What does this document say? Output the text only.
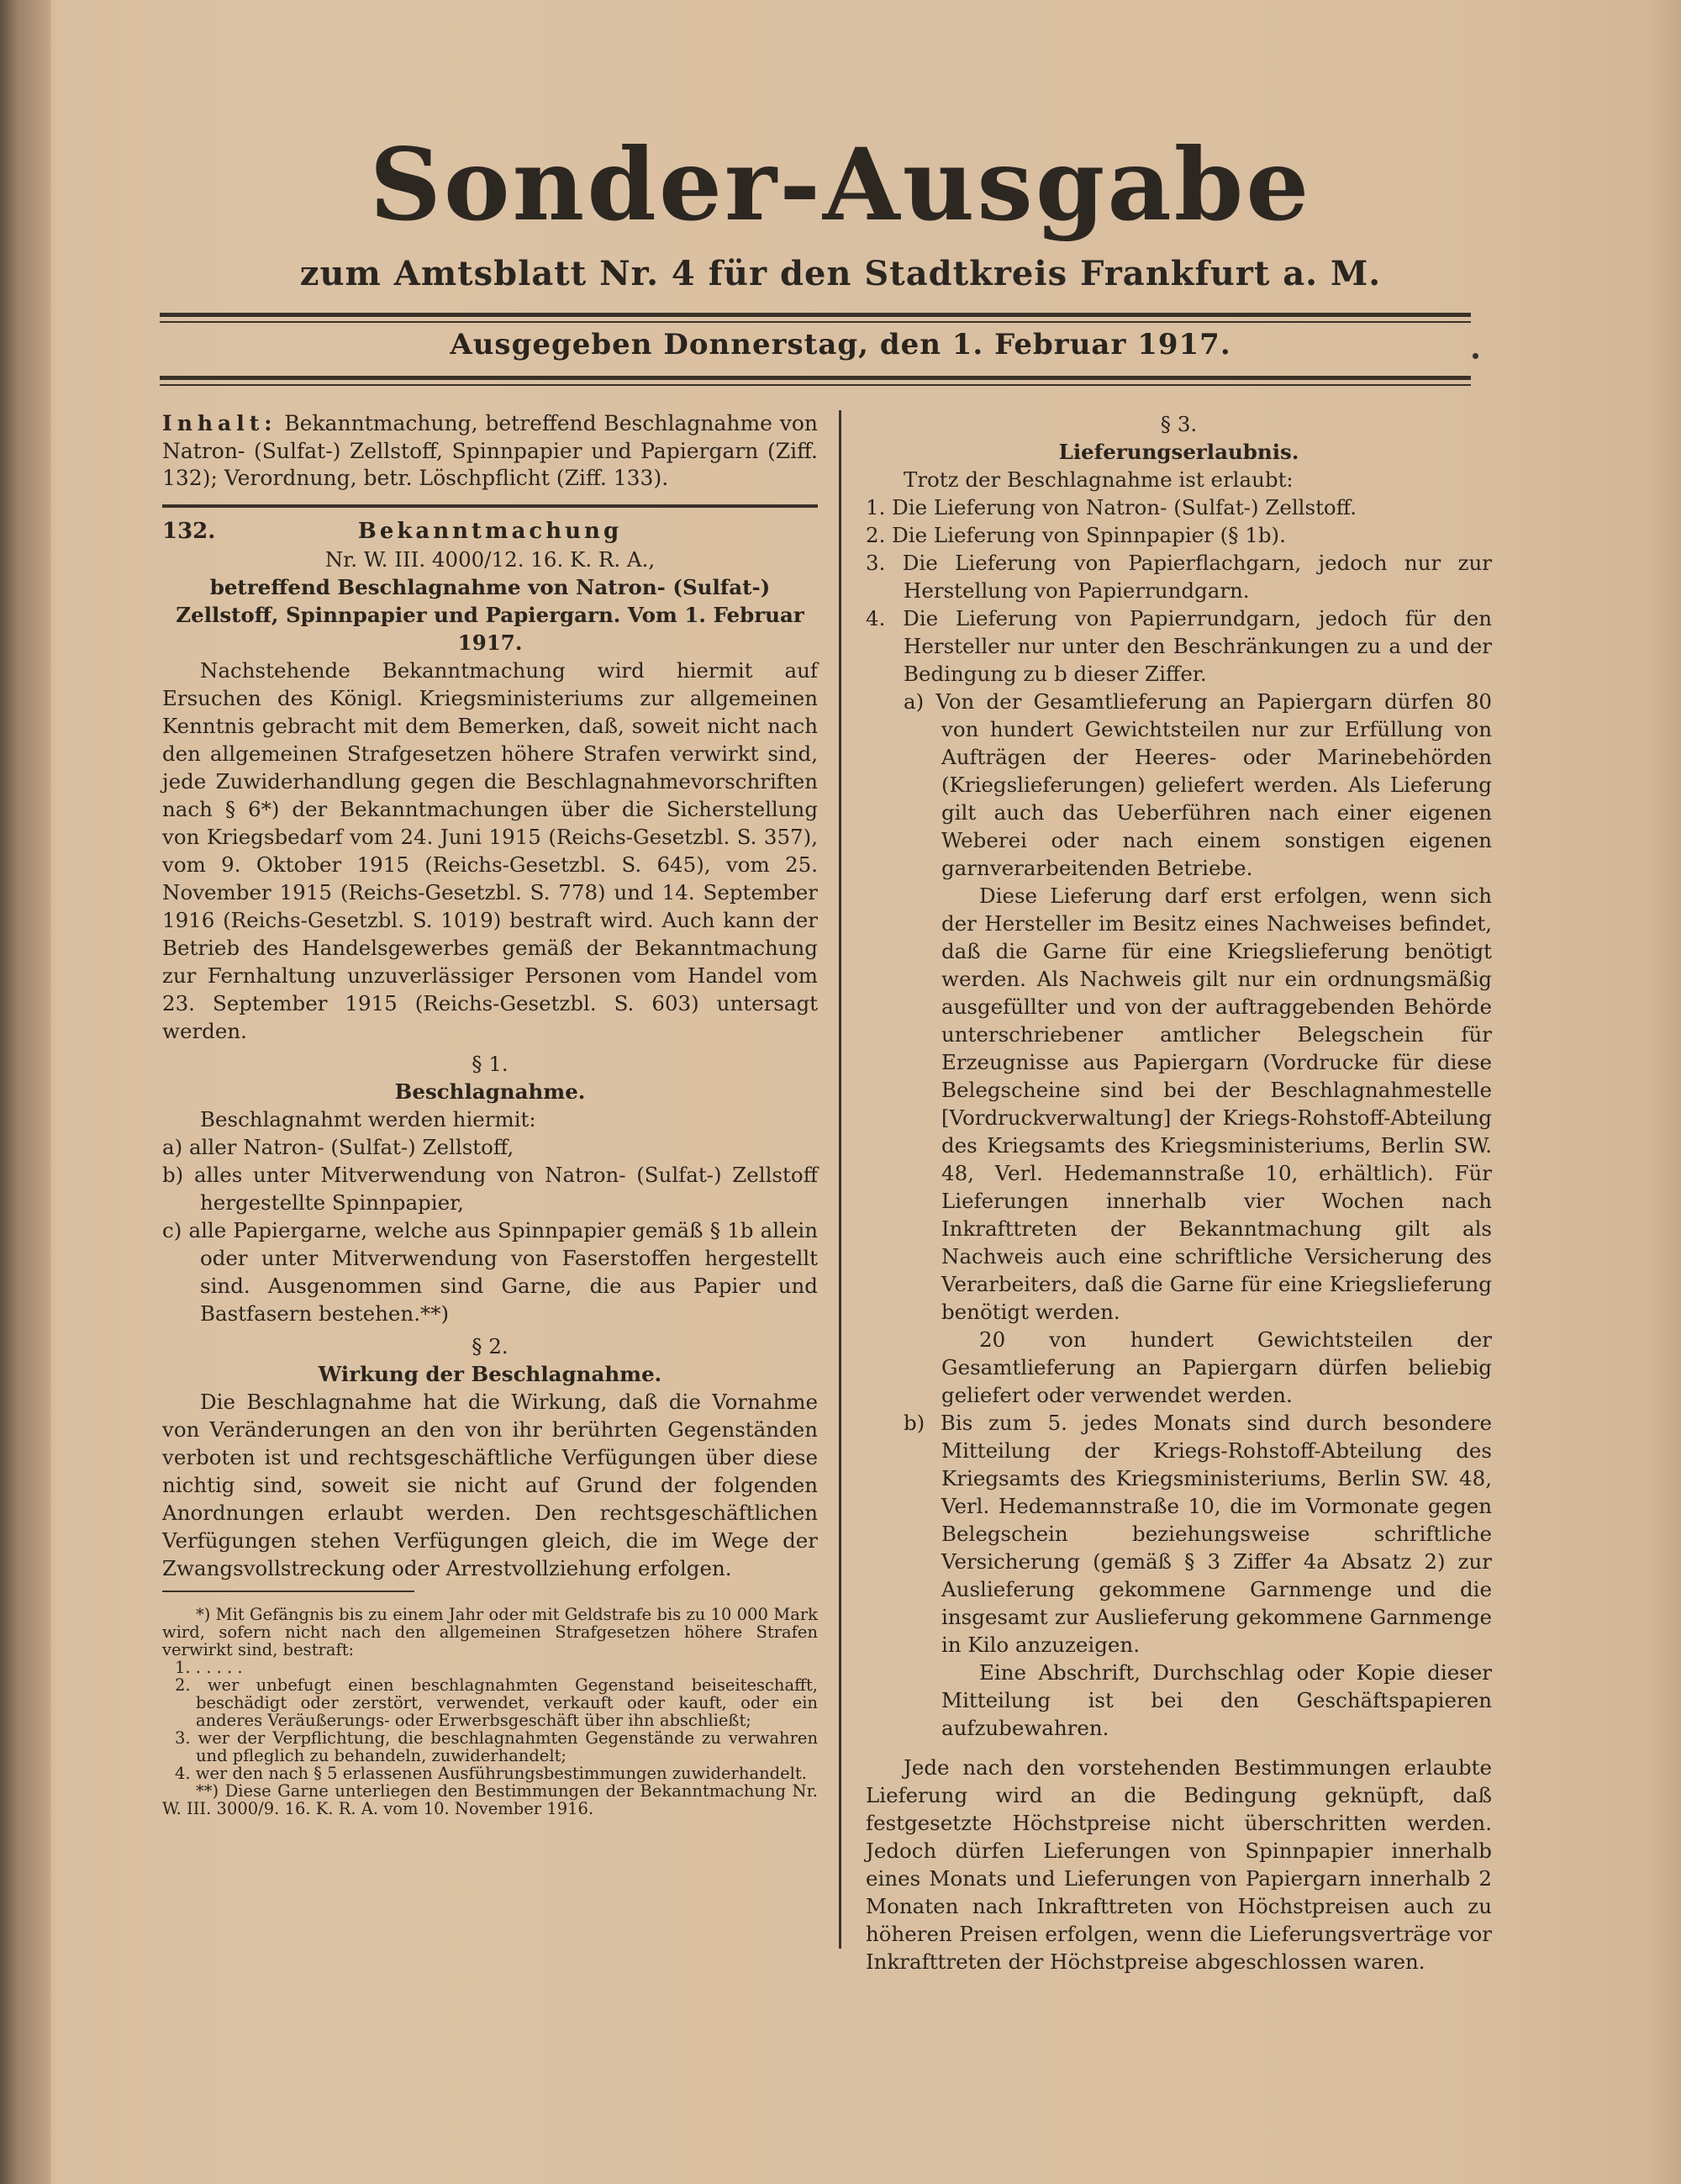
Sonder-Ausgabe
zum Amtsblatt Nr. 4 für den Stadtkreis Frankfurt a. M.
Ausgegeben Donnerstag, den 1. Februar 1917.
Inhalt: Bekanntmachung, betreffend Beschlagnahme von Natron- (Sulfat-) Zellstoff, Spinnpapier und Papiergarn (Ziff. 132); Verordnung, betr. Löschpflicht (Ziff. 133).
132.	Bekanntmachung
Nr. W. III. 4000/12. 16. K. R. A.,
betreffend Beschlagnahme von Natron- (Sulfat-) Zellstoff, Spinnpapier und Papiergarn. Vom 1. Februar 1917.

Nachstehende Bekanntmachung wird hiermit auf Ersuchen des Königl. Kriegsministeriums zur allgemeinen Kenntnis gebracht mit dem Bemerken, daß, soweit nicht nach den allgemeinen Strafgesetzen höhere Strafen verwirkt sind, jede Zuwiderhandlung gegen die Beschlagnahmevorschriften nach § 6*) der Bekanntmachungen über die Sicherstellung von Kriegsbedarf vom 24. Juni 1915 (Reichs-Gesetzbl. S. 357), vom 9. Oktober 1915 (Reichs-Gesetzbl. S. 645), vom 25. November 1915 (Reichs-Gesetzbl. S. 778) und 14. September 1916 (Reichs-Gesetzbl. S. 1019) bestraft wird. Auch kann der Betrieb des Handelsgewerbes gemäß der Bekanntmachung zur Fernhaltung unzuverlässiger Personen vom Handel vom 23. September 1915 (Reichs-Gesetzbl. S. 603) untersagt werden.

§ 1.
Beschlagnahme.

Beschlagnahmt werden hiermit:

a) aller Natron- (Sulfat-) Zellstoff,

b) alles unter Mitverwendung von Natron- (Sulfat-) Zellstoff hergestellte Spinnpapier,

c) alle Papiergarne, welche aus Spinnpapier gemäß § 1b allein oder unter Mitverwendung von Faserstoffen hergestellt sind. Ausgenommen sind Garne, die aus Papier und Bastfasern bestehen.**)

§ 2.
Wirkung der Beschlagnahme.

Die Beschlagnahme hat die Wirkung, daß die Vornahme von Veränderungen an den von ihr berührten Gegenständen verboten ist und rechtsgeschäftliche Verfügungen über diese nichtig sind, soweit sie nicht auf Grund der folgenden Anordnungen erlaubt werden. Den rechtsgeschäftlichen Verfügungen stehen Verfügungen gleich, die im Wege der Zwangsvollstreckung oder Arrestvollziehung erfolgen.

*) Mit Gefängnis bis zu einem Jahr oder mit Geldstrafe bis zu 10 000 Mark wird, sofern nicht nach den allgemeinen Strafgesetzen höhere Strafen verwirkt sind, bestraft:
1. . . . . .
2. wer unbefugt einen beschlagnahmten Gegenstand beiseiteschafft, beschädigt oder zerstört, verwendet, verkauft oder kauft, oder ein anderes Veräußerungs- oder Erwerbsgeschäft über ihn abschließt;
3. wer der Verpflichtung, die beschlagnahmten Gegenstände zu verwahren und pfleglich zu behandeln, zuwiderhandelt;
4. wer den nach § 5 erlassenen Ausführungsbestimmungen zuwiderhandelt.
**) Diese Garne unterliegen den Bestimmungen der Bekanntmachung Nr. W. III. 3000/9. 16. K. R. A. vom 10. November 1916.
§ 3.
Lieferungserlaubnis.

Trotz der Beschlagnahme ist erlaubt:

1. Die Lieferung von Natron- (Sulfat-) Zellstoff.

2. Die Lieferung von Spinnpapier (§ 1b).

3. Die Lieferung von Papierflachgarn, jedoch nur zur Herstellung von Papierrundgarn.

4. Die Lieferung von Papierrundgarn, jedoch für den Hersteller nur unter den Beschränkungen zu a und der Bedingung zu b dieser Ziffer.

a) Von der Gesamtlieferung an Papiergarn dürfen 80 von hundert Gewichtsteilen nur zur Erfüllung von Aufträgen der Heeres- oder Marinebehörden (Kriegslieferungen) geliefert werden. Als Lieferung gilt auch das Ueberführen nach einer eigenen Weberei oder nach einem sonstigen eigenen garnverarbeitenden Betriebe.

Diese Lieferung darf erst erfolgen, wenn sich der Hersteller im Besitz eines Nachweises befindet, daß die Garne für eine Kriegslieferung benötigt werden. Als Nachweis gilt nur ein ordnungsmäßig ausgefüllter und von der auftraggebenden Behörde unterschriebener amtlicher Belegschein für Erzeugnisse aus Papiergarn (Vordrucke für diese Belegscheine sind bei der Beschlagnahmestelle [Vordruckverwaltung] der Kriegs-Rohstoff-Abteilung des Kriegsamts des Kriegsministeriums, Berlin SW. 48, Verl. Hedemannstraße 10, erhältlich). Für Lieferungen innerhalb vier Wochen nach Inkrafttreten der Bekanntmachung gilt als Nachweis auch eine schriftliche Versicherung des Verarbeiters, daß die Garne für eine Kriegslieferung benötigt werden.

20 von hundert Gewichtsteilen der Gesamtlieferung an Papiergarn dürfen beliebig geliefert oder verwendet werden.

b) Bis zum 5. jedes Monats sind durch besondere Mitteilung der Kriegs-Rohstoff-Abteilung des Kriegsamts des Kriegsministeriums, Berlin SW. 48, Verl. Hedemannstraße 10, die im Vormonate gegen Belegschein beziehungsweise schriftliche Versicherung (gemäß § 3 Ziffer 4a Absatz 2) zur Auslieferung gekommene Garnmenge und die insgesamt zur Auslieferung gekommene Garnmenge in Kilo anzuzeigen.

Eine Abschrift, Durchschlag oder Kopie dieser Mitteilung ist bei den Geschäftspapieren aufzubewahren.

Jede nach den vorstehenden Bestimmungen erlaubte Lieferung wird an die Bedingung geknüpft, daß festgesetzte Höchstpreise nicht überschritten werden. Jedoch dürfen Lieferungen von Spinnpapier innerhalb eines Monats und Lieferungen von Papiergarn innerhalb 2 Monaten nach Inkrafttreten von Höchstpreisen auch zu höheren Preisen erfolgen, wenn die Lieferungsverträge vor Inkrafttreten der Höchstpreise abgeschlossen waren.
